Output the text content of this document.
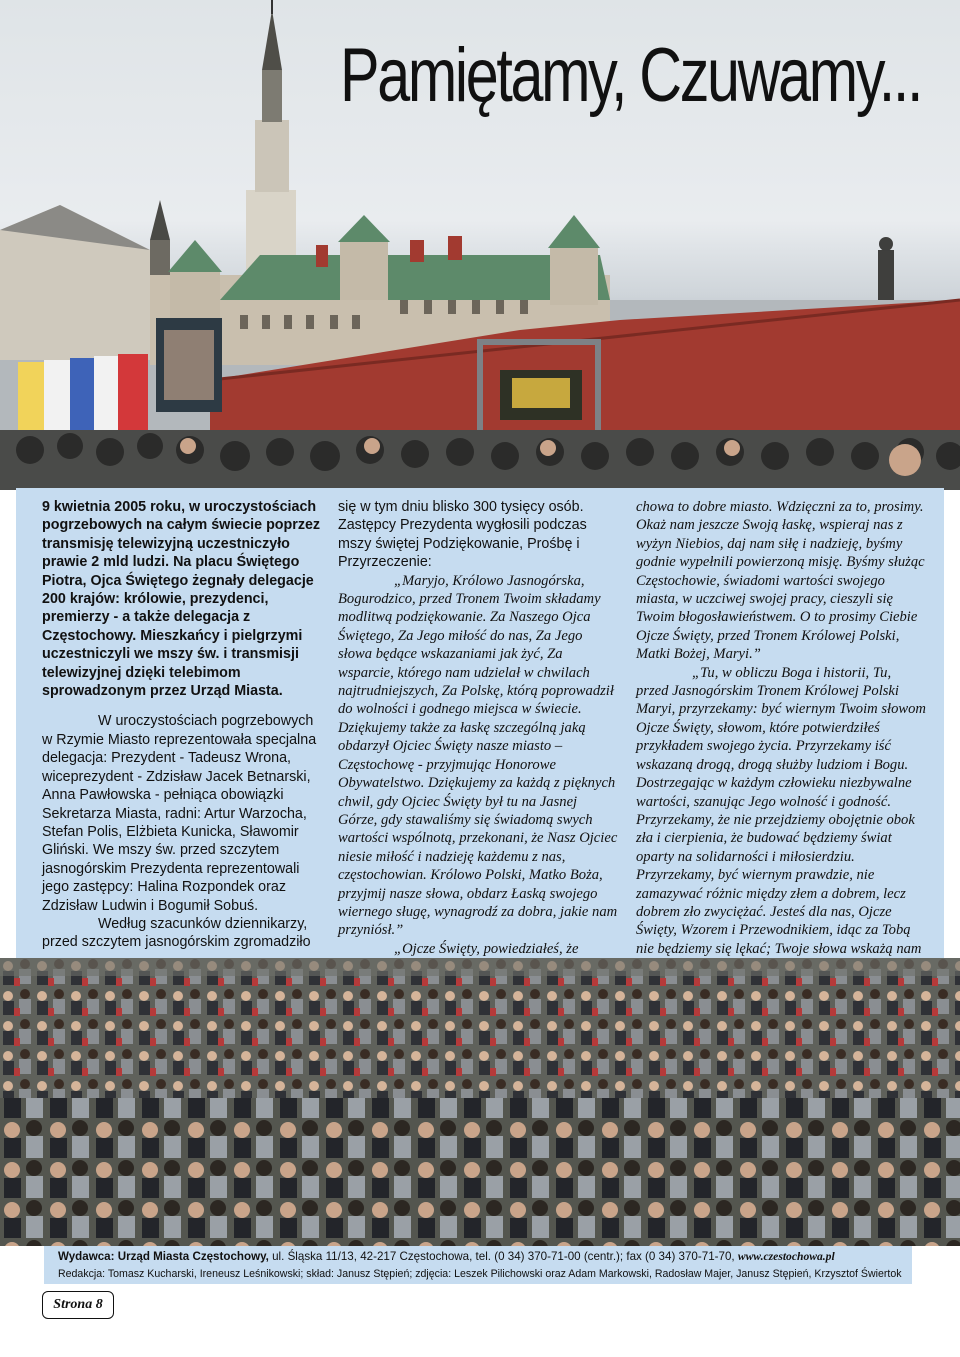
Pamiętamy, Czuwamy...

9 kwietnia 2005 roku, w uroczystościach pogrzebowych na całym świecie poprzez transmisję telewizyjną uczestniczyło prawie 2 mld ludzi. Na placu Świętego Piotra, Ojca Świętego żegnały delegacje 200 krajów: królowie, prezydenci, premierzy - a także delegacja z Częstochowy. Mieszkańcy i pielgrzymi uczestniczyli we mszy św. i transmisji telewizyjnej dzięki telebimom sprowadzonym przez Urząd Miasta.

W uroczystościach pogrzebowych w Rzymie Miasto reprezentowała specjalna delegacja: Prezydent - Tadeusz Wrona, wiceprezydent - Zdzisław Jacek Betnarski, Anna Pawłowska - pełniąca obowiązki Sekretarza Miasta, radni: Artur Warzocha, Stefan Polis, Elżbieta Kunicka, Sławomir Gliński. We mszy św. przed szczytem jasnogórskim Prezydenta reprezentowali jego zastępcy: Halina Rozpondek oraz Zdzisław Ludwin i Bogumił Sobuś.

Według szacunków dziennikarzy, przed szczytem jasnogórskim zgromadziło

się w tym dniu blisko 300 tysięcy osób. Zastępcy Prezydenta wygłosili podczas mszy świętej Podziękowanie, Prośbę i Przyrzeczenie:

„Maryjo, Królowo Jasnogórska, Bogurodzico, przed Tronem Twoim składamy modlitwą podziękowanie. Za Naszego Ojca Świętego, Za Jego miłość do nas, Za Jego słowa będące wskazaniami jak żyć, Za wsparcie, którego nam udzielał w chwilach najtrudniejszych, Za Polskę, którą poprowadził do wolności i godnego miejsca w świecie. Dziękujemy także za łaskę szczególną jaką obdarzył Ojciec Święty nasze miasto – Częstochowę - przyjmując Honorowe Obywatelstwo. Dziękujemy za każdą z pięknych chwil, gdy Ojciec Święty był tu na Jasnej Górze, gdy stawaliśmy się świadomą swych wartości wspólnotą, przekonani, że Nasz Ojciec niesie miłość i nadzieję każdemu z nas, częstochowian. Królowo Polski, Matko Boża, przyjmij nasze słowa, obdarz Łaską swojego wiernego sługę, wynagrodź za dobra, jakie nam przyniósł.”

„Ojcze Święty, powiedziałeś, że

chowa to dobre miasto. Wdzięczni za to, prosimy. Okaż nam jeszcze Swoją łaskę, wspieraj nas z wyżyn Niebios, daj nam siłę i nadzieję, byśmy godnie wypełnili powierzoną misję. Byśmy służąc Częstochowie, świadomi wartości swojego miasta, w uczciwej swojej pracy, cieszyli się Twoim błogosławieństwem. O to prosimy Ciebie Ojcze Święty, przed Tronem Królowej Polski, Matki Bożej, Maryi.”

„Tu, w obliczu Boga i historii, Tu, przed Jasnogórskim Tronem Królowej Polski Maryi, przyrzekamy: być wiernym Twoim słowom Ojcze Święty, słowom, które potwierdziłeś przykładem swojego życia. Przyrzekamy iść wskazaną drogą, drogą służby ludziom i Bogu. Dostrzegając w każdym człowieku niezbywalne wartości, szanując Jego wolność i godność. Przyrzekamy, że nie przejdziemy obojętnie obok zła i cierpienia, że budować będziemy świat oparty na solidarności i miłosierdziu. Przyrzekamy, być wiernym prawdzie, nie zamazywać różnic między złem a dobrem, lecz dobrem zło zwyciężać. Jesteś dla nas, Ojcze Święty, Wzorem i Przewodnikiem, idąc za Tobą nie będziemy się lękać; Twoje słowa wskażą nam

Wydawca: Urząd Miasta Częstochowy, ul. Śląska 11/13, 42-217 Częstochowa, tel. (0 34) 370-71-00 (centr.); fax (0 34) 370-71-70, www.czestochowa.pl
Redakcja: Tomasz Kucharski, Ireneusz Leśnikowski; skład: Janusz Stępień; zdjęcia: Leszek Pilichowski oraz Adam Markowski, Radosław Majer, Janusz Stępień, Krzysztof Świertok
Strona 8
